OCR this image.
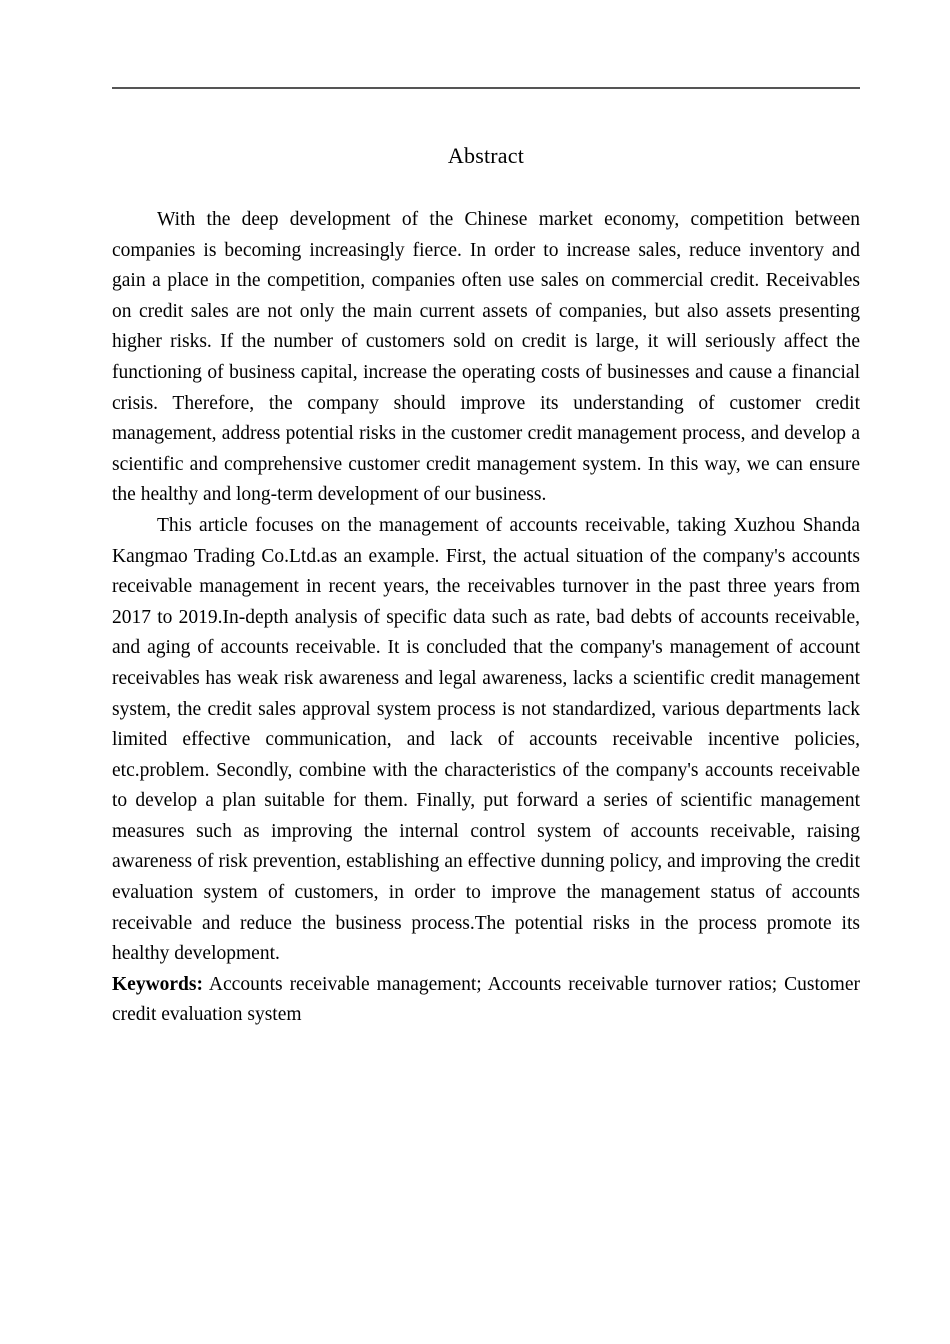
Abstract

With the deep development of the Chinese market economy, competition between companies is becoming increasingly fierce. In order to increase sales, reduce inventory and gain a place in the competition, companies often use sales on commercial credit. Receivables on credit sales are not only the main current assets of companies, but also assets presenting higher risks. If the number of customers sold on credit is large, it will seriously affect the functioning of business capital, increase the operating costs of businesses and cause a financial crisis. Therefore, the company should improve its understanding of customer credit management, address potential risks in the customer credit management process, and develop a scientific and comprehensive customer credit management system. In this way, we can ensure the healthy and long-term development of our business.

This article focuses on the management of accounts receivable, taking Xuzhou Shanda Kangmao Trading Co.Ltd.as an example. First, the actual situation of the company's accounts receivable management in recent years, the receivables turnover in the past three years from 2017 to 2019.In-depth analysis of specific data such as rate, bad debts of accounts receivable, and aging of accounts receivable. It is concluded that the company's management of account receivables has weak risk awareness and legal awareness, lacks a scientific credit management system, the credit sales approval system process is not standardized, various departments lack limited effective communication, and lack of accounts receivable incentive policies, etc.problem. Secondly, combine with the characteristics of the company's accounts receivable to develop a plan suitable for them. Finally, put forward a series of scientific management measures such as improving the internal control system of accounts receivable, raising awareness of risk prevention, establishing an effective dunning policy, and improving the credit evaluation system of customers, in order to improve the management status of accounts receivable and reduce the business process.The potential risks in the process promote its healthy development.

Keywords: Accounts receivable management; Accounts receivable turnover ratios; Customer credit evaluation system
